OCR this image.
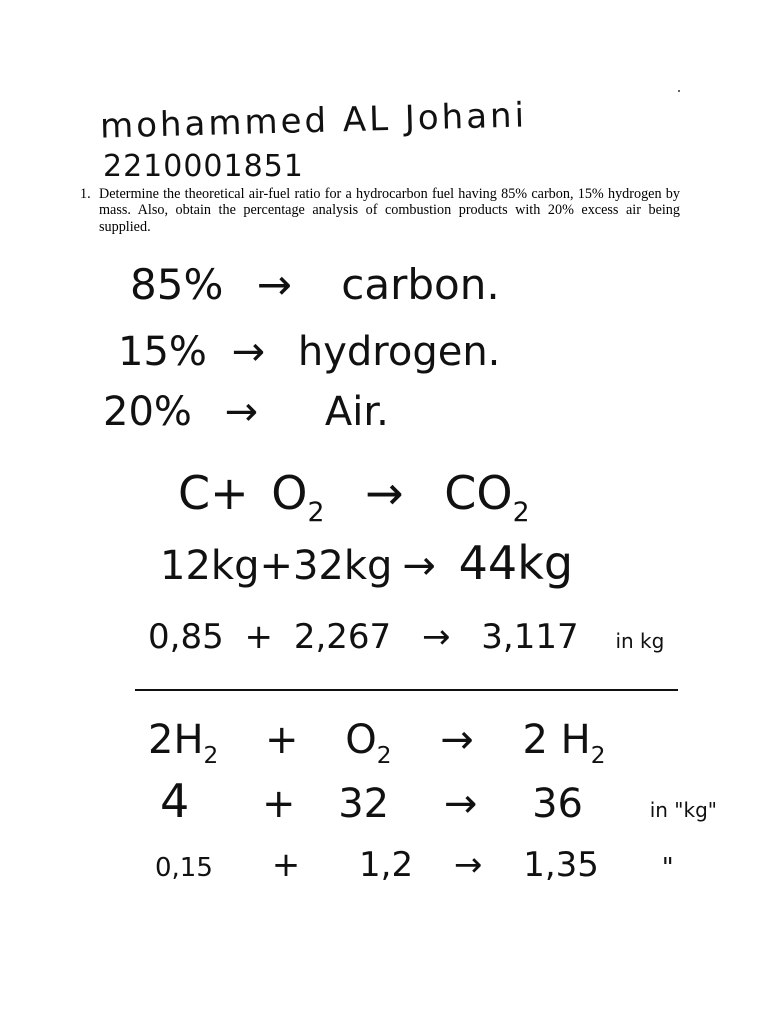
mohammed AL Johani
2210001851
1. Determine the theoretical air-fuel ratio for a hydrocarbon fuel having 85% carbon, 15% hydrogen by mass. Also, obtain the percentage analysis of combustion products with 20% excess air being supplied.
85% → carbon.
15% → hydrogen.
20% → Air.
$C+ O_2 \to CO_2$
12kg+32kg → 44kg
0,85 + 2,267 → 3,117 in kg
$2H_2 + O_2 \to 2$ $H_2$
4 + 32 → 36	in "kg"
0,15 + 1,2 → 1,35 "
